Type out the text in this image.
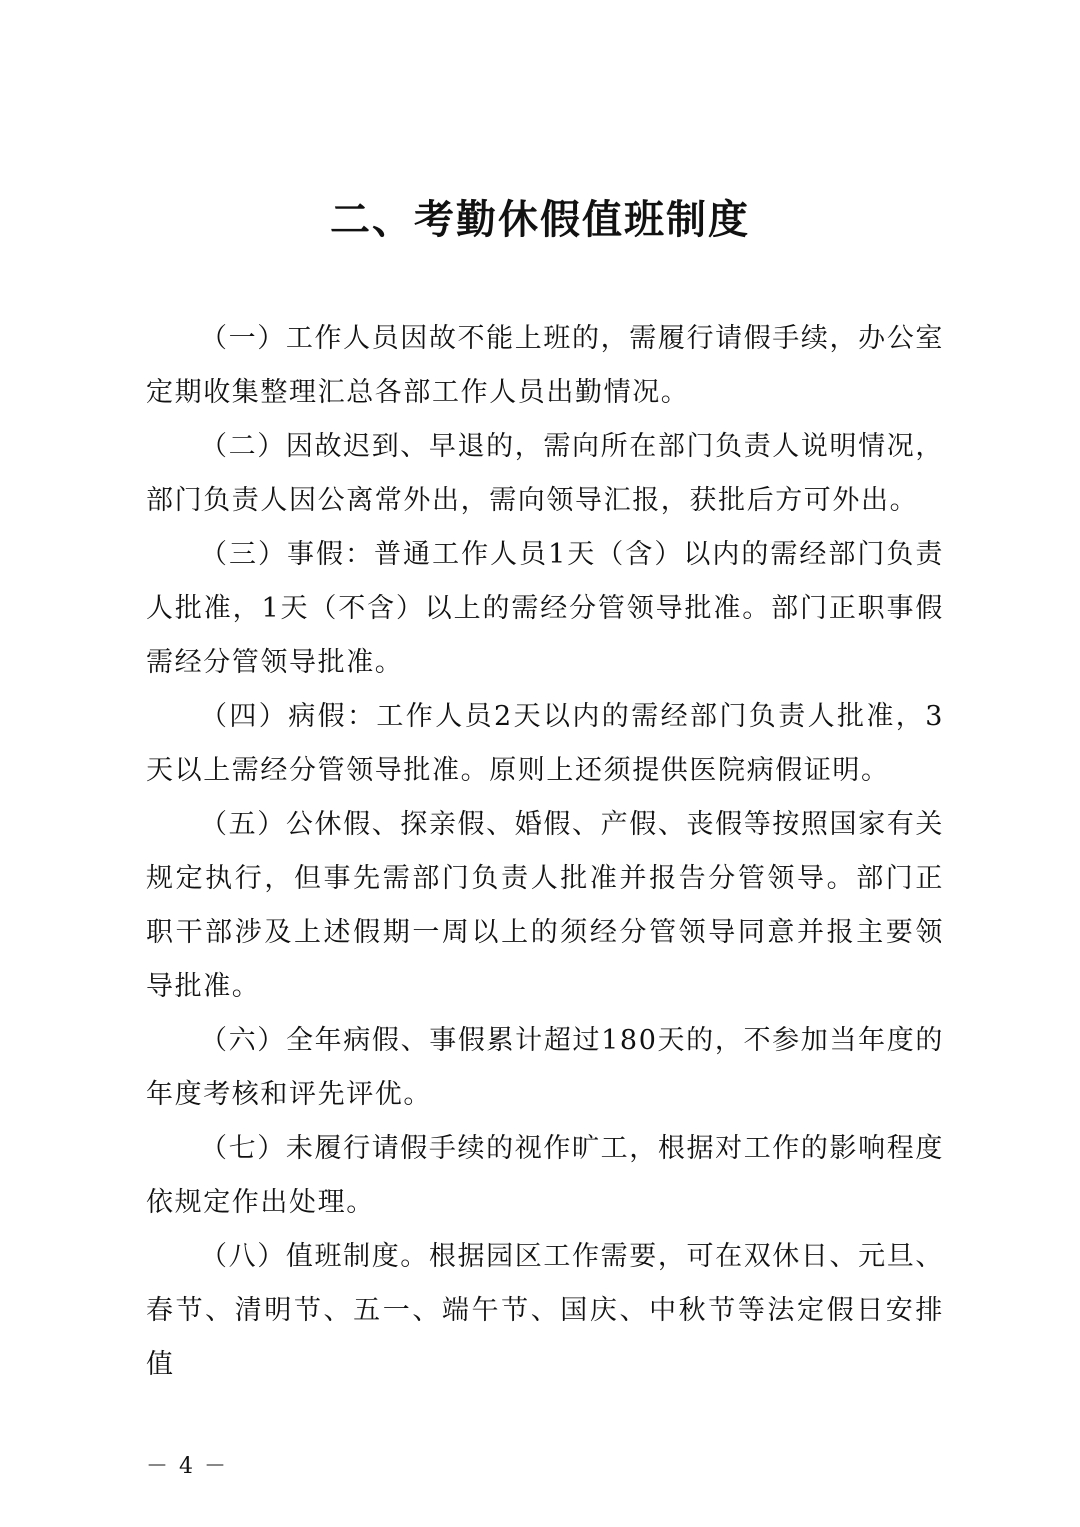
二、考勤休假值班制度

（一）工作人员因故不能上班的，需履行请假手续，办公室定期收集整理汇总各部工作人员出勤情况。

（二）因故迟到、早退的，需向所在部门负责人说明情况，部门负责人因公离常外出，需向领导汇报，获批后方可外出。

（三）事假：普通工作人员1天（含）以内的需经部门负责人批准，1天（不含）以上的需经分管领导批准。部门正职事假需经分管领导批准。

（四）病假：工作人员2天以内的需经部门负责人批准，3天以上需经分管领导批准。原则上还须提供医院病假证明。

（五）公休假、探亲假、婚假、产假、丧假等按照国家有关规定执行，但事先需部门负责人批准并报告分管领导。部门正职干部涉及上述假期一周以上的须经分管领导同意并报主要领导批准。

（六）全年病假、事假累计超过180天的，不参加当年度的年度考核和评先评优。

（七）未履行请假手续的视作旷工，根据对工作的影响程度依规定作出处理。

（八）值班制度。根据园区工作需要，可在双休日、元旦、春节、清明节、五一、端午节、国庆、中秋节等法定假日安排值

－ 4 －
